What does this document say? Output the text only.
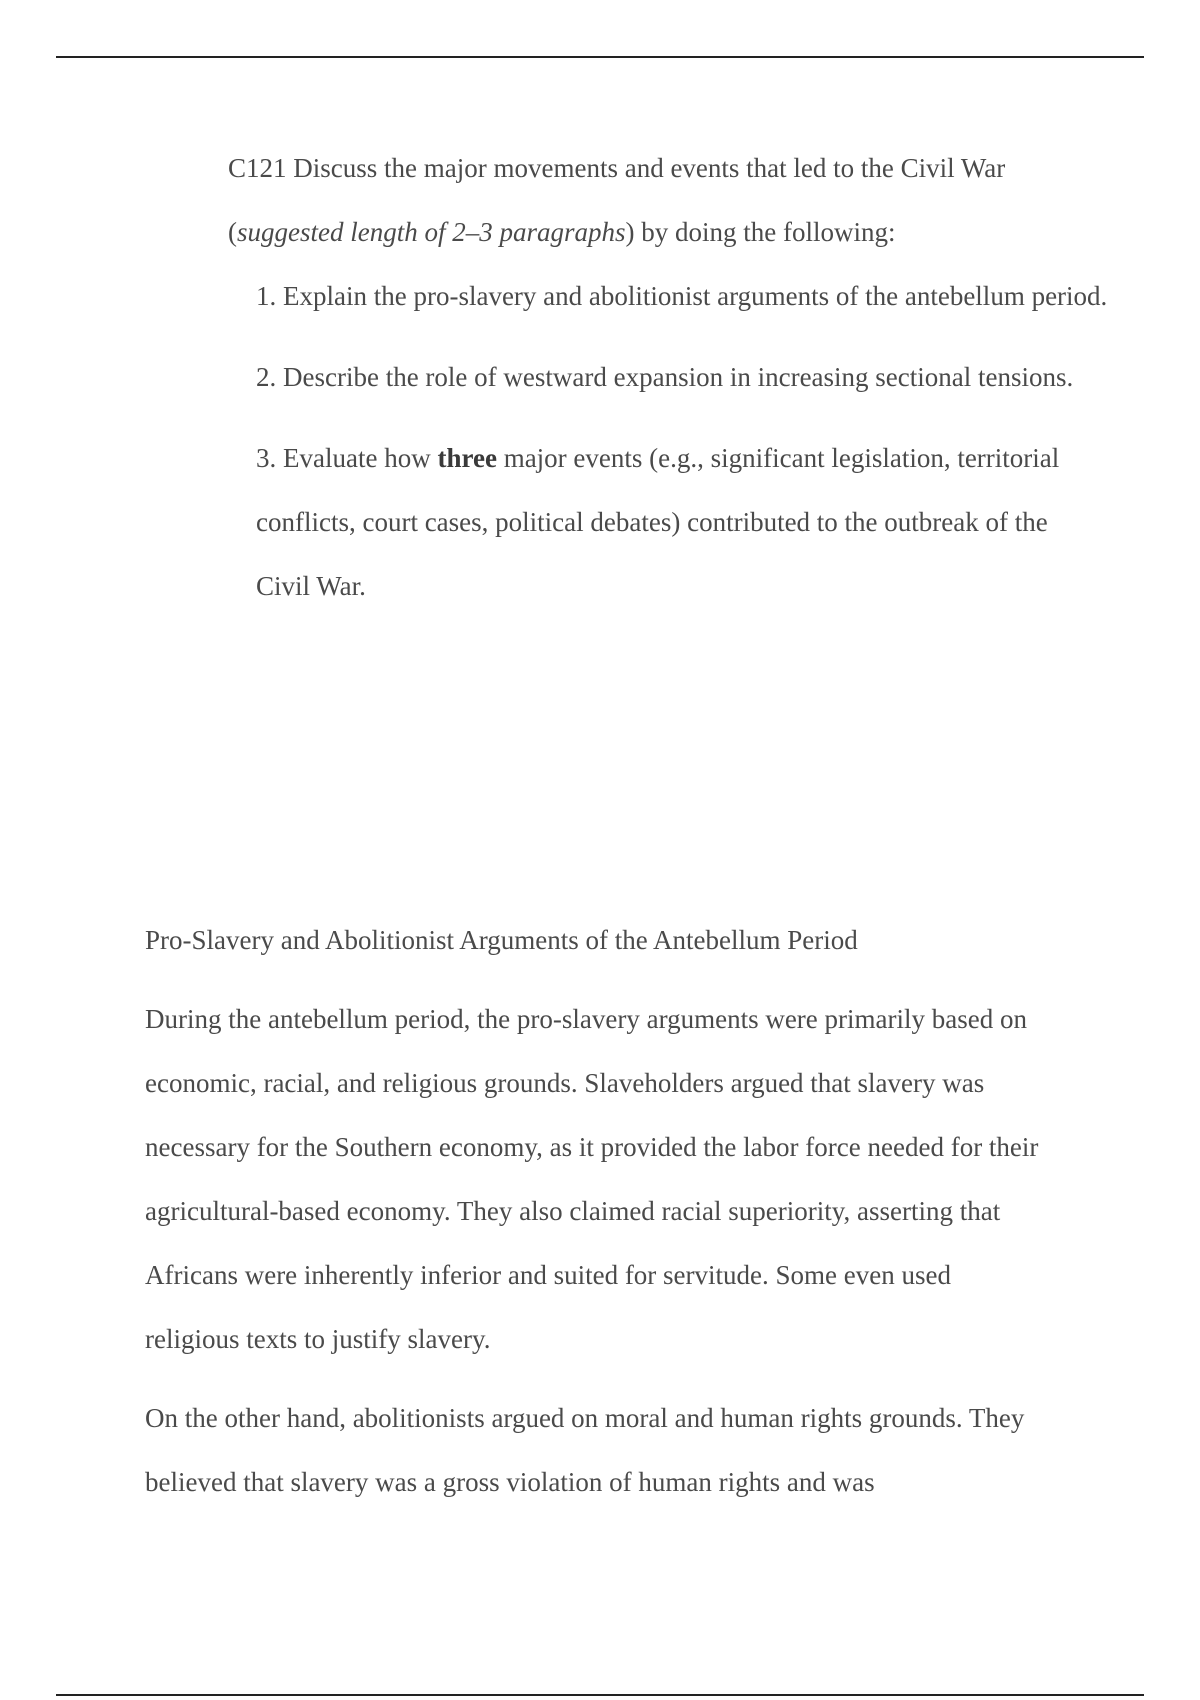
C121 Discuss the major movements and events that led to the Civil War
(suggested length of 2–3 paragraphs) by doing the following:

1. Explain the pro-slavery and abolitionist arguments of the antebellum period.
2. Describe the role of westward expansion in increasing sectional tensions.
3. Evaluate how three major events (e.g., significant legislation, territorial conflicts, court cases, political debates) contributed to the outbreak of the Civil War.
Pro-Slavery and Abolitionist Arguments of the Antebellum Period

During the antebellum period, the pro-slavery arguments were primarily based on economic, racial, and religious grounds. Slaveholders argued that slavery was necessary for the Southern economy, as it provided the labor force needed for their agricultural-based economy. They also claimed racial superiority, asserting that Africans were inherently inferior and suited for servitude. Some even used religious texts to justify slavery.

On the other hand, abolitionists argued on moral and human rights grounds. They believed that slavery was a gross violation of human rights and was
